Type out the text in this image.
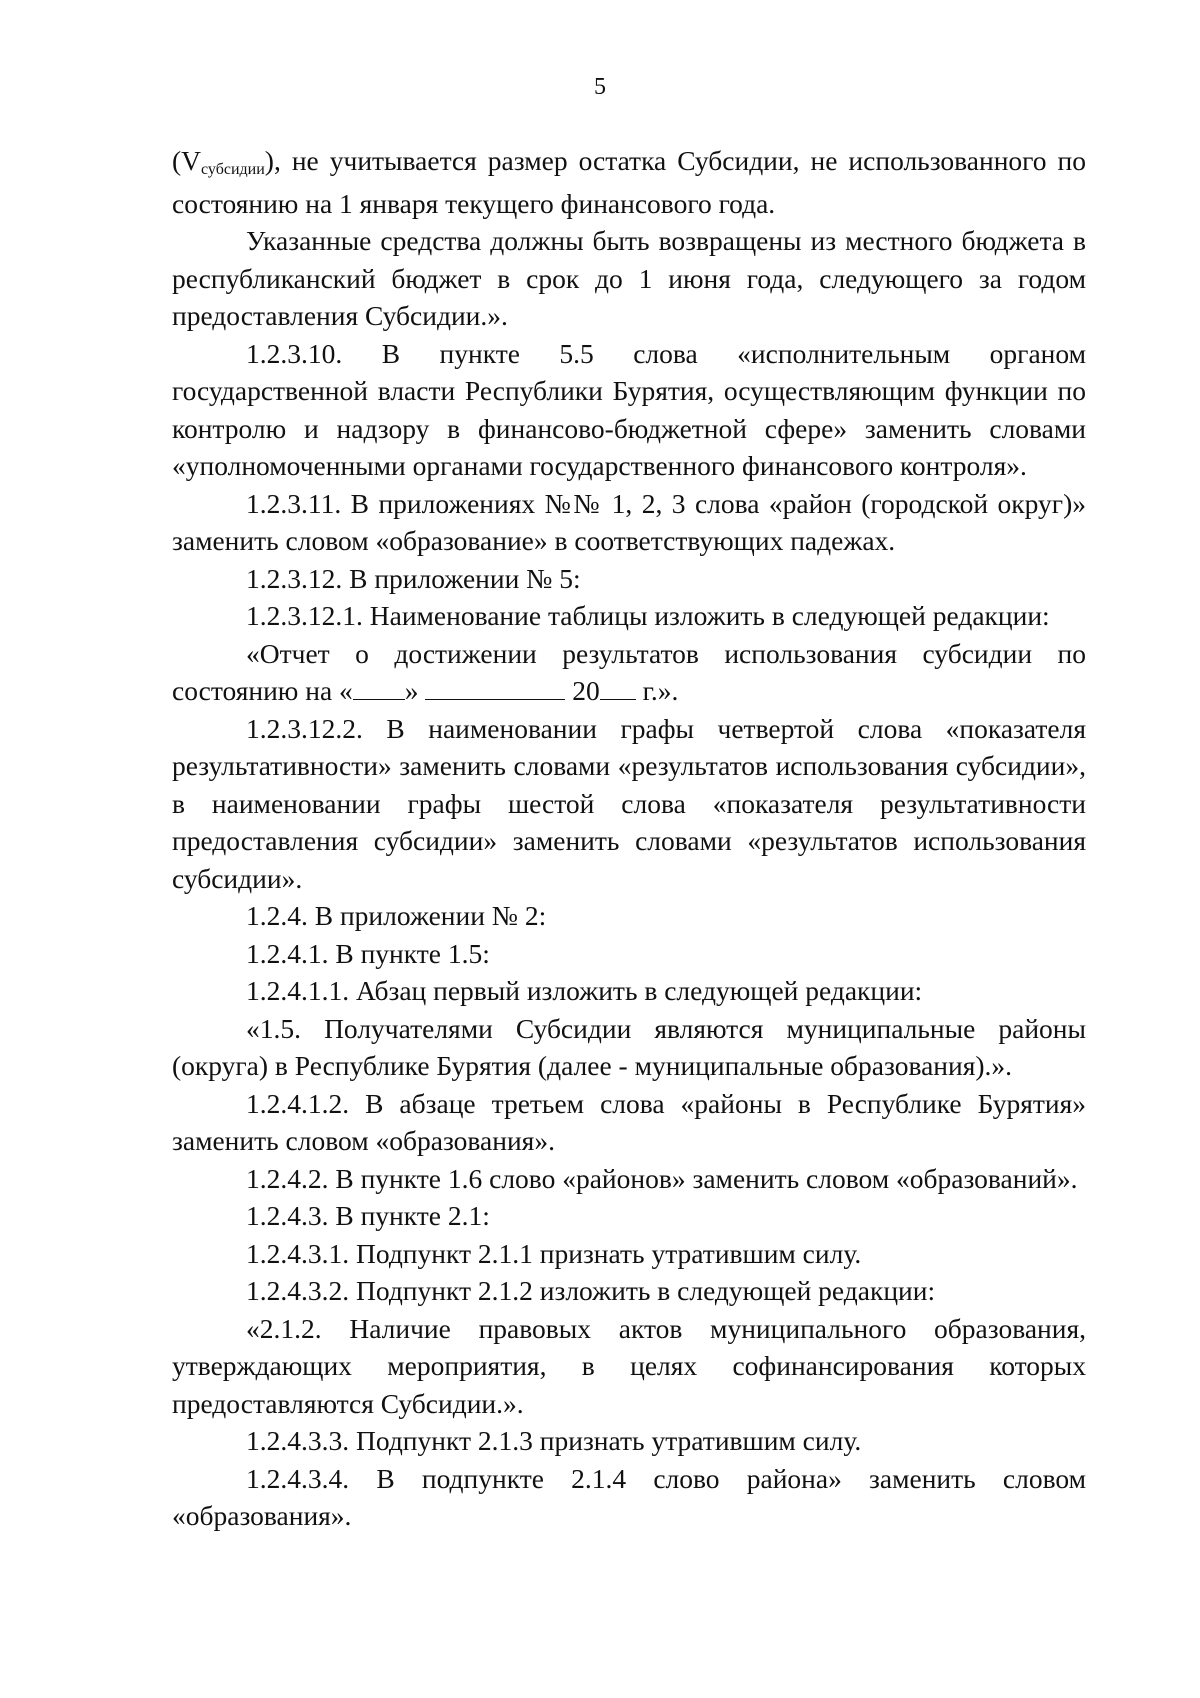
5

$(V_{субсидии})$, не учитывается размер остатка Субсидии, не использованного по состоянию на 1 января текущего финансового года.

Указанные средства должны быть возвращены из местного бюджета в республиканский бюджет в срок до 1 июня года, следующего за годом предоставления Субсидии.».

1.2.3.10. В пункте 5.5 слова «исполнительным органом государственной власти Республики Бурятия, осуществляющим функции по контролю и надзору в финансово-бюджетной сфере» заменить словами «уполномоченными органами государственного финансового контроля».

1.2.3.11. В приложениях №№ 1, 2, 3 слова «район (городской округ)» заменить словом «образование» в соответствующих падежах.

1.2.3.12. В приложении № 5:

1.2.3.12.1. Наименование таблицы изложить в следующей редакции:

«Отчет о достижении результатов использования субсидии по состоянию на « »	20 г.».

1.2.3.12.2. В наименовании графы четвертой слова «показателя результативности» заменить словами «результатов использования субсидии», в наименовании графы шестой слова «показателя результативности предоставления субсидии» заменить словами «результатов использования субсидии».

1.2.4. В приложении № 2:

1.2.4.1. В пункте 1.5:

1.2.4.1.1. Абзац первый изложить в следующей редакции:

«1.5. Получателями Субсидии являются муниципальные районы (округа) в Республике Бурятия (далее - муниципальные образования).».

1.2.4.1.2. В абзаце третьем слова «районы в Республике Бурятия» заменить словом «образования».

1.2.4.2. В пункте 1.6 слово «районов» заменить словом «образований».

1.2.4.3. В пункте 2.1:

1.2.4.3.1. Подпункт 2.1.1 признать утратившим силу.

1.2.4.3.2. Подпункт 2.1.2 изложить в следующей редакции:

«2.1.2. Наличие правовых актов муниципального образования, утверждающих мероприятия, в целях софинансирования которых предоставляются Субсидии.».

1.2.4.3.3. Подпункт 2.1.3 признать утратившим силу.

1.2.4.3.4. В подпункте 2.1.4 слово района» заменить словом «образования».
